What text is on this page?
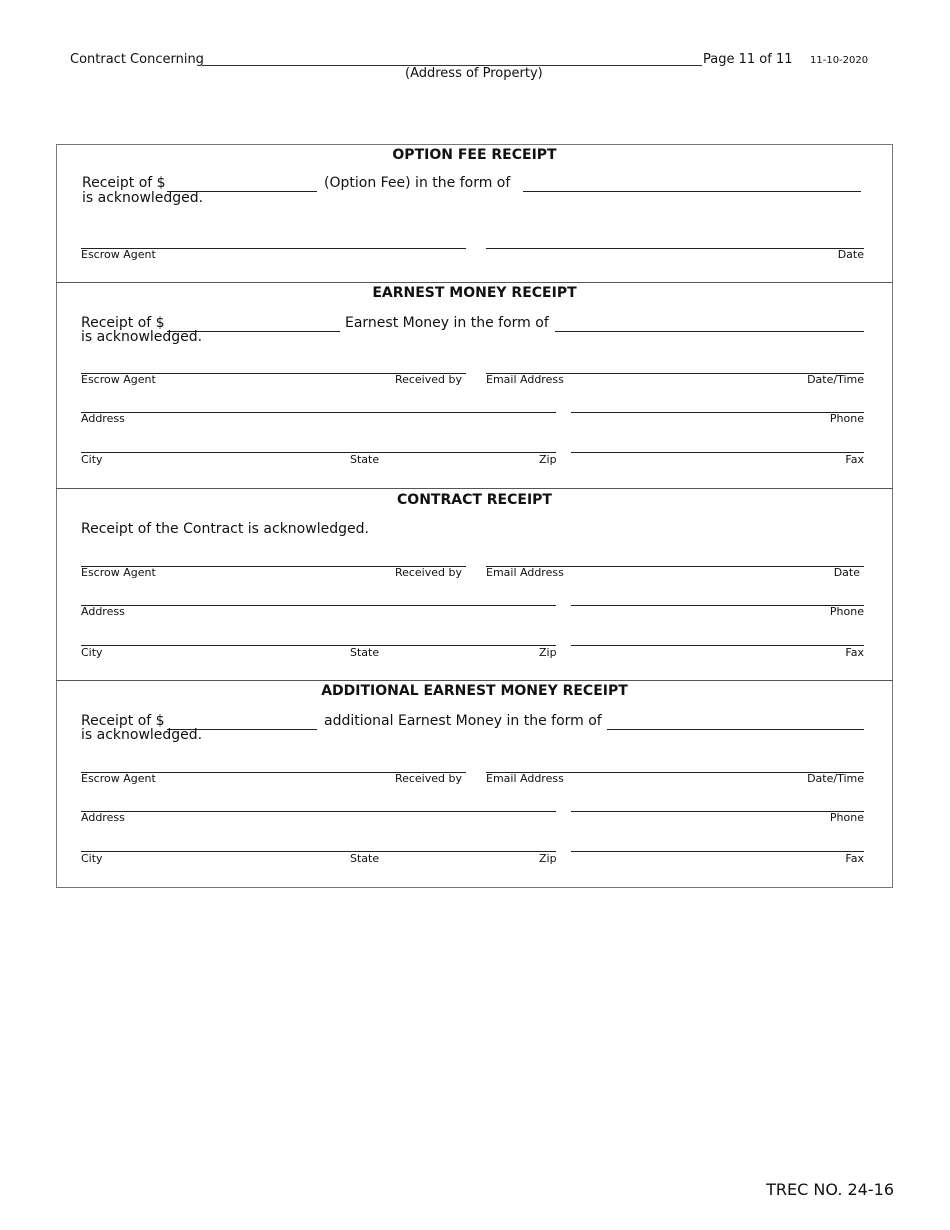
Contract Concerning
(Address of Property)
Page 11 of 11 11-10-2020
OPTION FEE RECEIPT
Receipt of $	(Option Fee) in the form of
is acknowledged.
Escrow Agent	Date
EARNEST MONEY RECEIPT
Receipt of $	Earnest Money in the form of
is acknowledged.
Escrow Agent	Received by Email Address	Date/Time
Address	Phone
City	State	Zip	Fax
CONTRACT RECEIPT
Receipt of the Contract is acknowledged.
Escrow Agent	Received by Email Address	Date
Address	Phone
City	State	Zip	Fax
ADDITIONAL EARNEST MONEY RECEIPT
Receipt of $	additional Earnest Money in the form of
is acknowledged.
Escrow Agent	Received by Email Address	Date/Time
Address	Phone
City	State	Zip	Fax
TREC NO. 24-16
